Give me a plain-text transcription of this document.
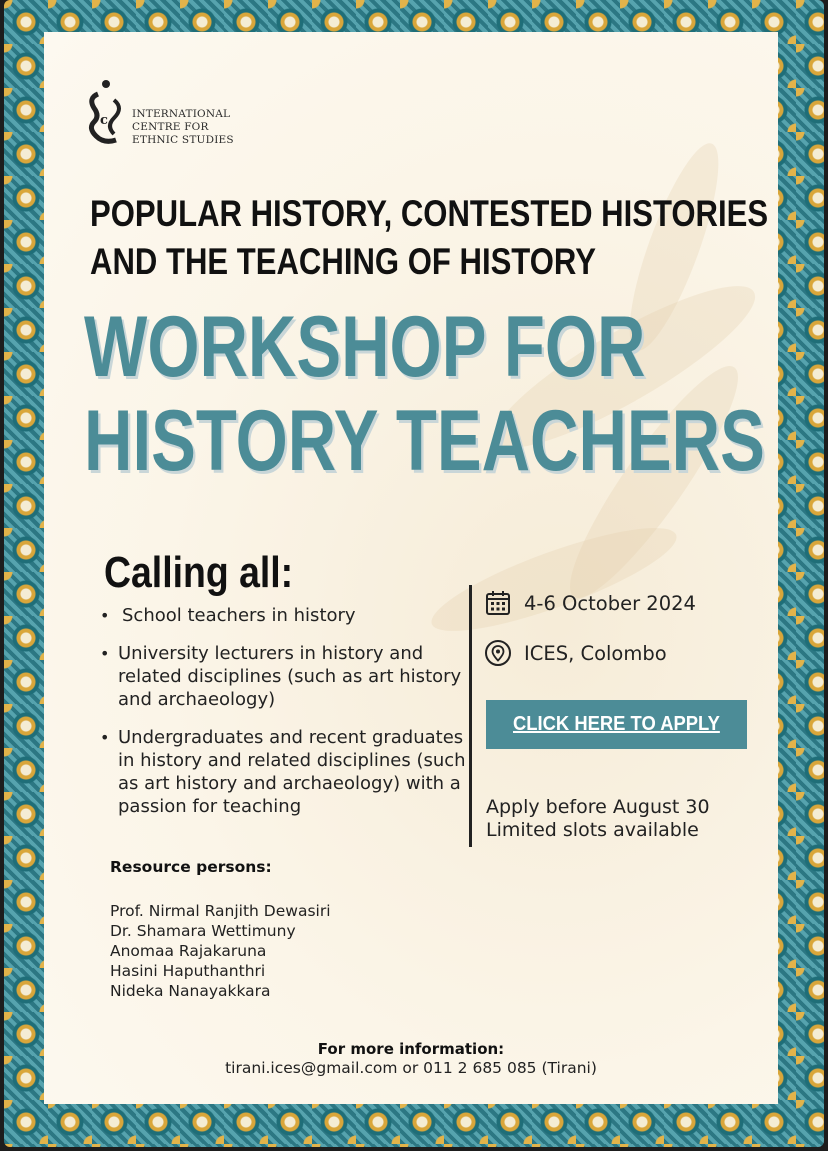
c INTERNATIONAL
CENTRE FOR
ETHNIC STUDIES
POPULAR HISTORY, CONTESTED HISTORIES
AND THE TEACHING OF HISTORY
WORKSHOP FOR
HISTORY TEACHERS
Calling all:
• School teachers in history
• University lecturers in history and related disciplines (such as art history and archaeology)
• Undergraduates and recent graduates in history and related disciplines (such as art history and archaeology) with a passion for teaching
Resource persons:
Prof. Nirmal Ranjith Dewasiri
Dr. Shamara Wettimuny
Anomaa Rajakaruna
Hasini Haputhanthri
Nideka Nanayakkara
4-6 October 2024
ICES, Colombo
CLICK HERE TO APPLY
Apply before August 30
Limited slots available
For more information:
tirani.ices@gmail.com or 011 2 685 085 (Tirani)
